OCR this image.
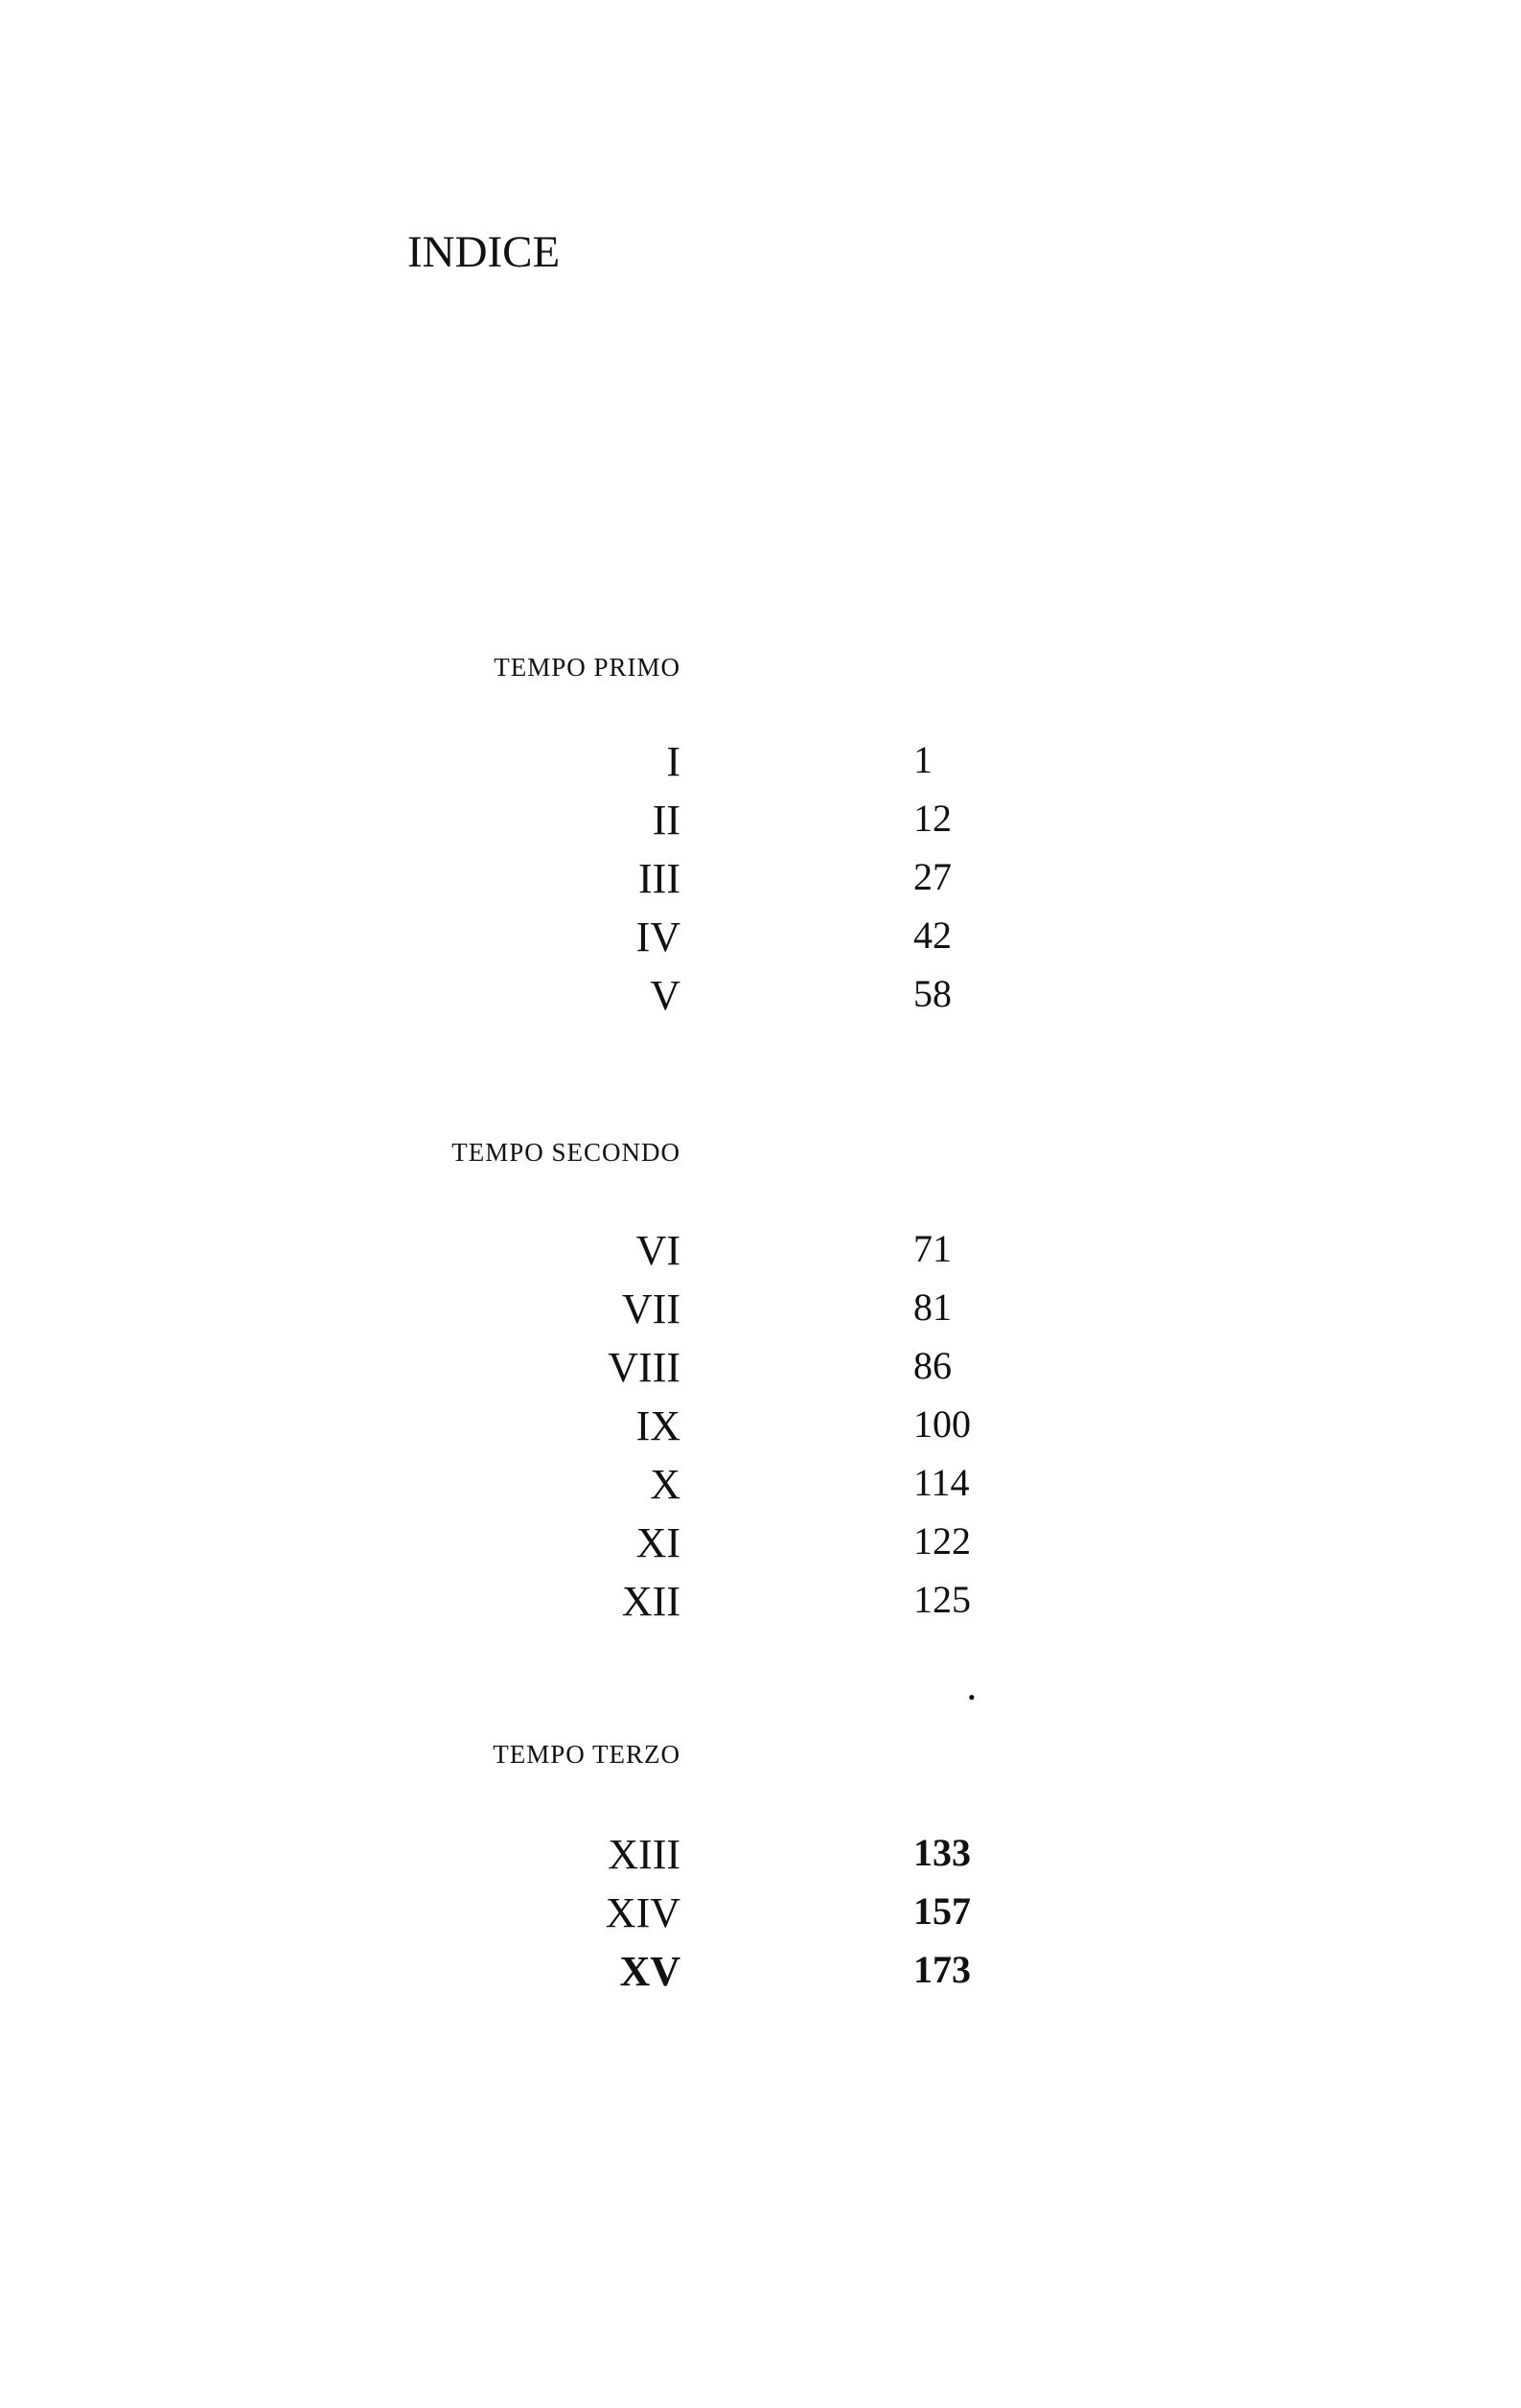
INDICE
TEMPO PRIMO
I	1
II	12
III	27
IV	42
V	58
TEMPO SECONDO
VI	71
VII	81
VIII	86
IX	100
X	114
XI	122
XII	125
•
TEMPO TERZO
XIII	133
XIV	157
XV	173
